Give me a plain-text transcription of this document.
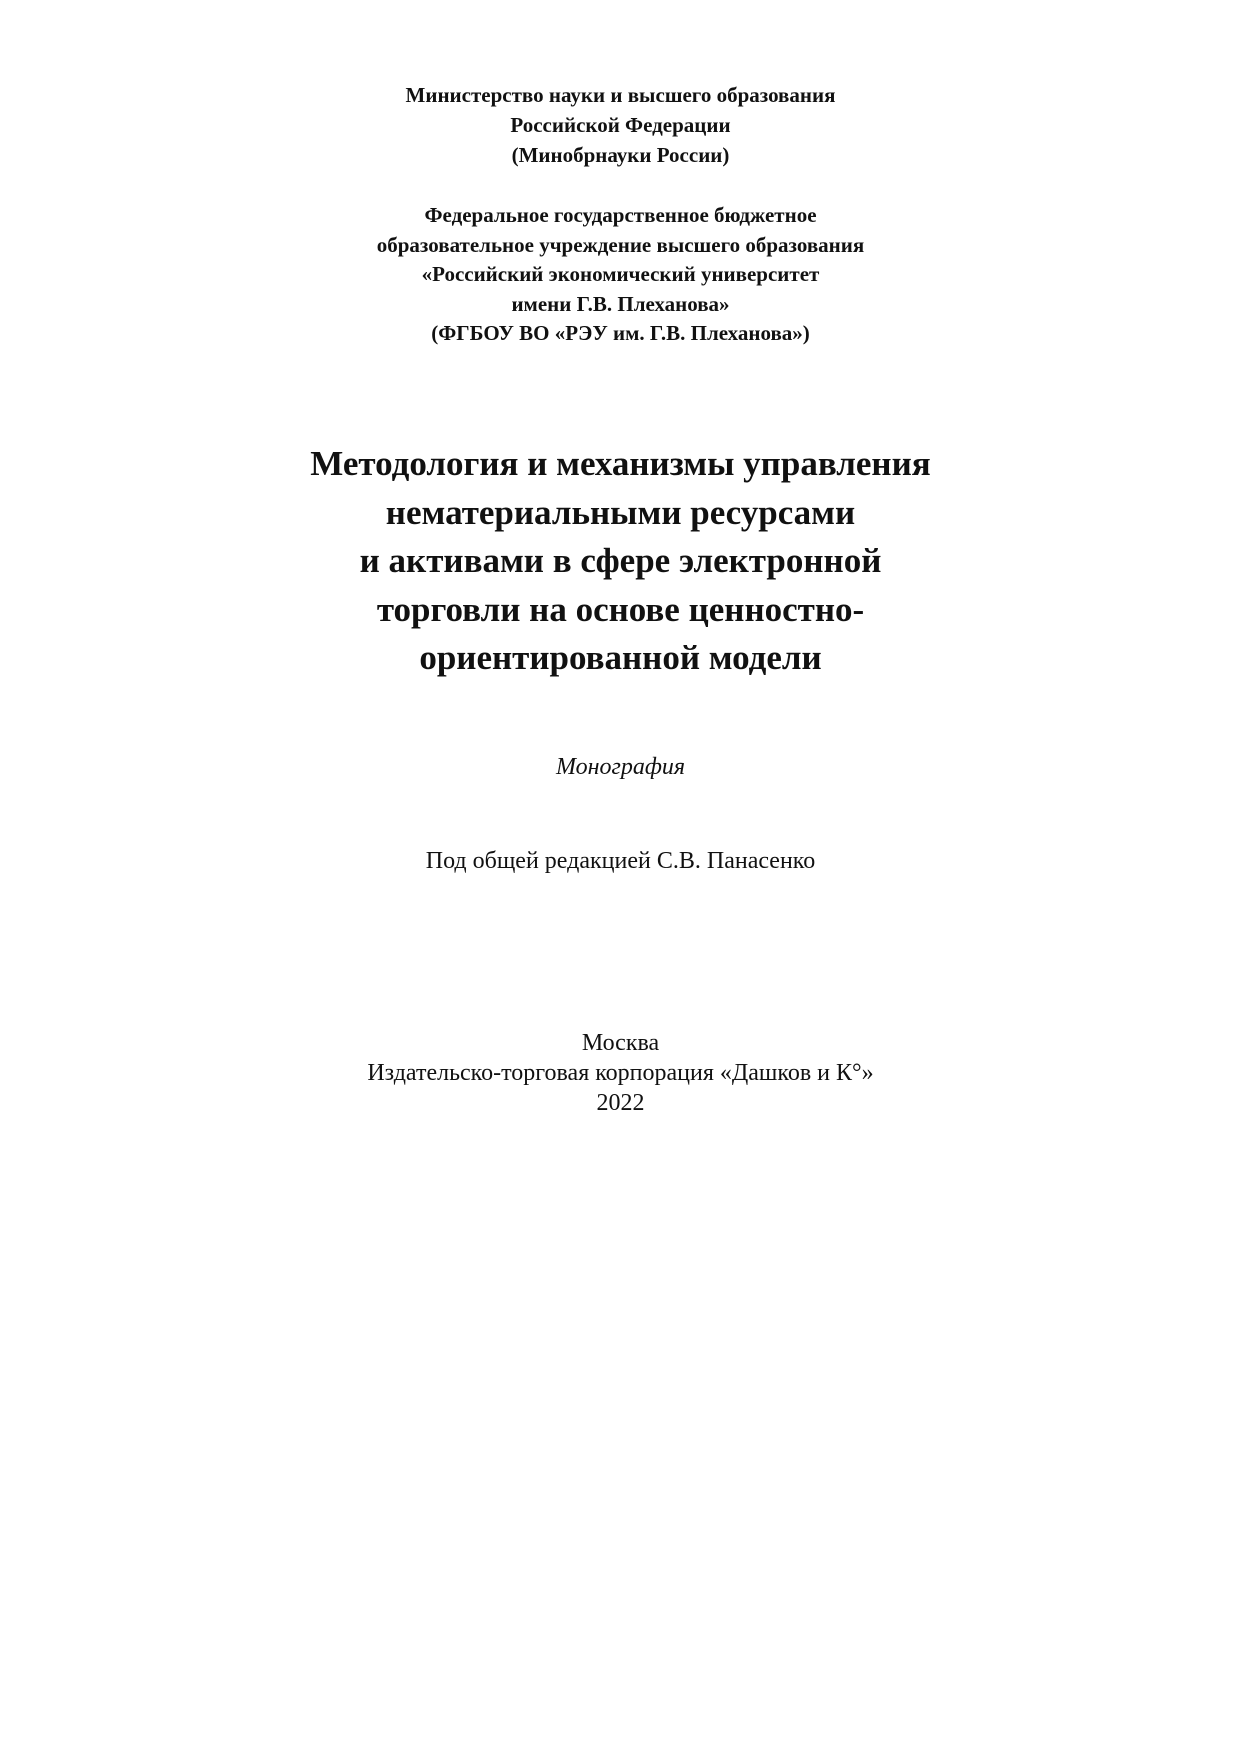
Министерство науки и высшего образования
Российской Федерации
(Минобрнауки России)
Федеральное государственное бюджетное
образовательное учреждение высшего образования
«Российский экономический университет
имени Г.В. Плеханова»
(ФГБОУ ВО «РЭУ им. Г.В. Плеханова»)
Методология и механизмы управления
нематериальными ресурсами
и активами в сфере электронной
торговли на основе ценностно-
ориентированной модели
Монография
Под общей редакцией С.В. Панасенко
Москва
Издательско-торговая корпорация «Дашков и К°»
2022
